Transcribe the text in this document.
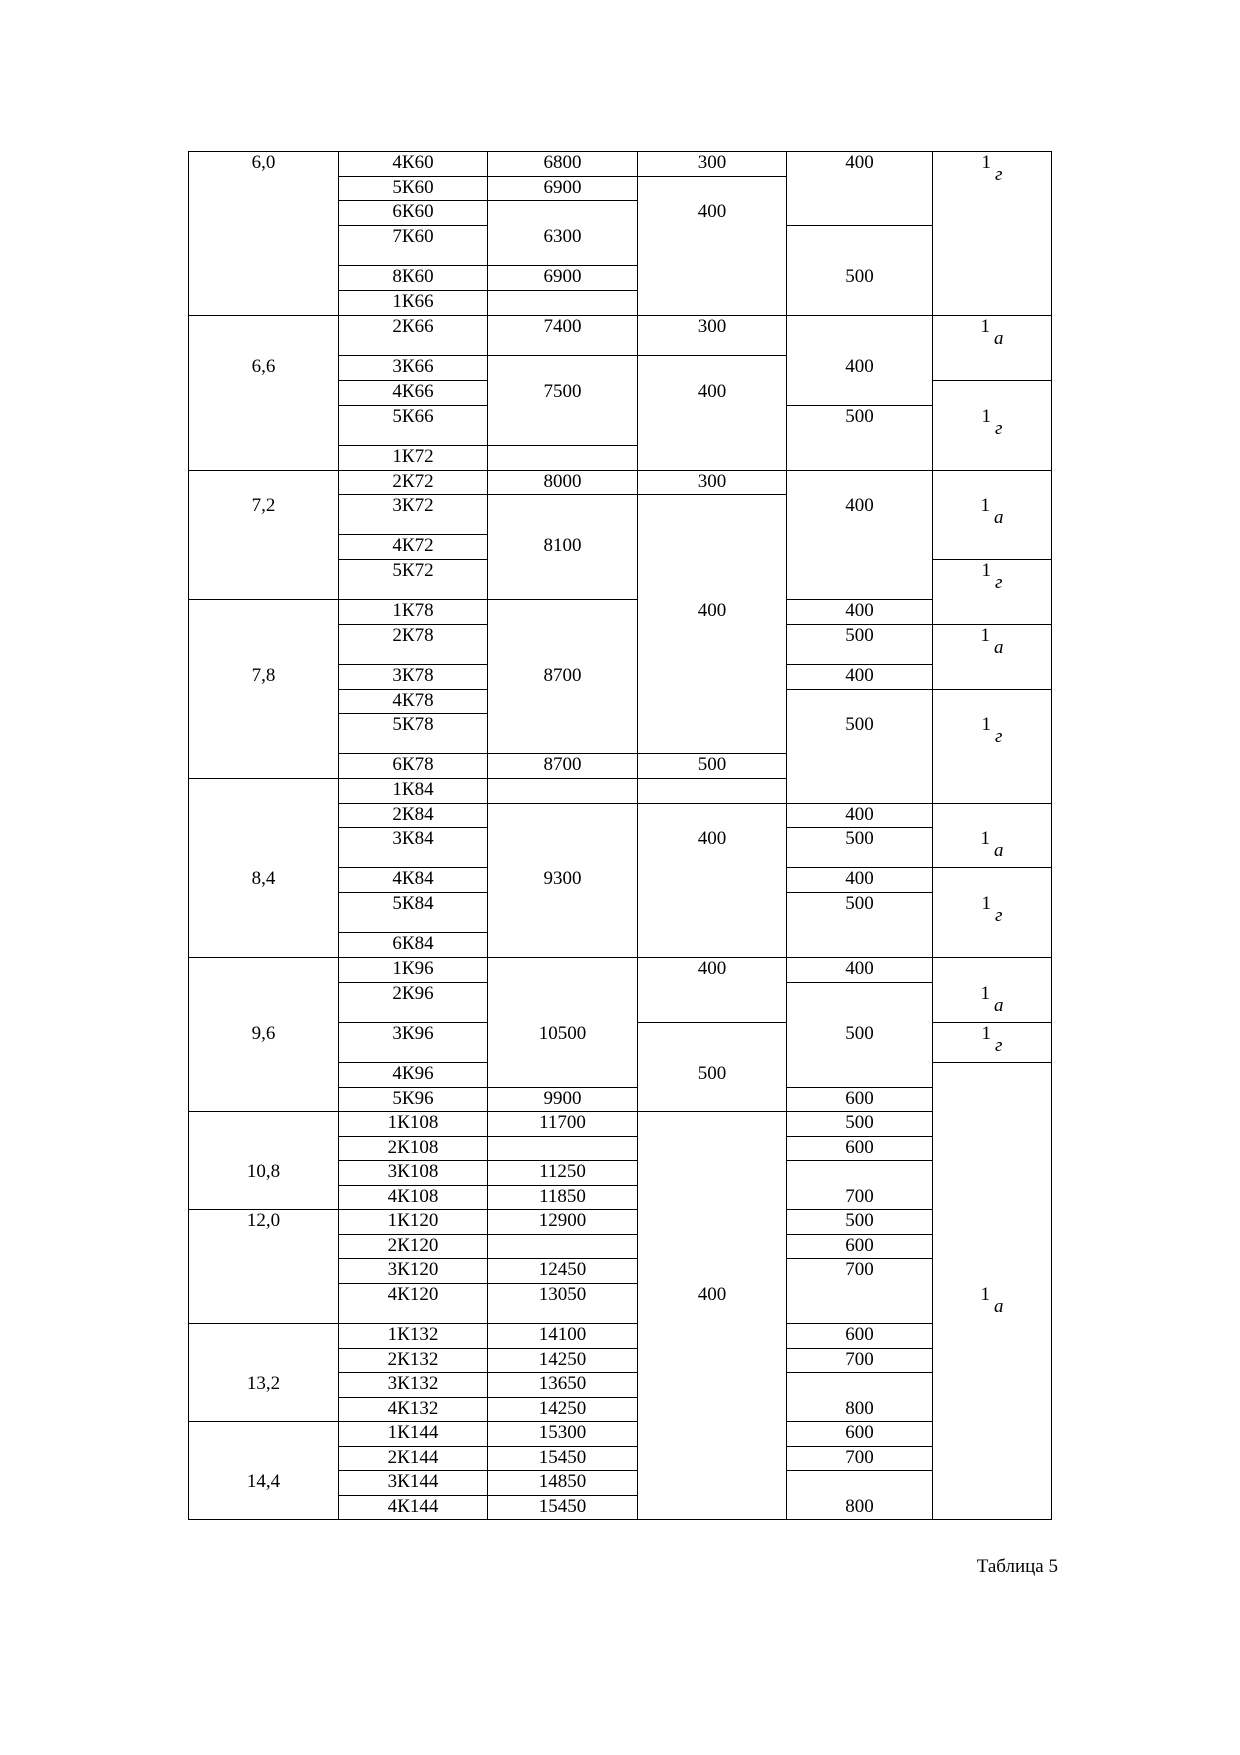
6,0	4К60	6800	300	400	1г

	5К60	6900	400		

	6К60	6300			

	7К60			500	

	8К60	6900			

	1К66				

6,6	2К66	7400	300	400	1а

	3К66	7500	400		

	4К66				1г

	5К66			500	

	1К72				

7,2	2К72	8000	300	400	1а

	3К72	8100	400		

	4К72				

	5К72				1г

7,8	1К78	8700		400	

	2К78			500	1а

	3К78			400	

	4К78			500	1г

	5К78				

	6К78	8700	500		

8,4	1К84				

	2К84	9300	400	400	1а

	3К84			500	

	4К84			400	1г

	5К84			500	

	6К84				

9,6	1К96	10500	400	400	1а

	2К96			500	

	3К96		500		1г

	4К96				1а

	5К96	9900		600	

10,8	1К108	11700	400	500	

	2К108			600	

	3К108	11250		700	

	4К108	11850			

12,0	1К120	12900		500	

	2К120			600	

	3К120	12450		700	

	4К120	13050			

13,2	1К132	14100		600	

	2К132	14250		700	

	3К132	13650		800	

	4К132	14250			

14,4	1К144	15300		600	

	2К144	15450		700	

	3К144	14850		800	

	4К144	15450			
Таблица 5
